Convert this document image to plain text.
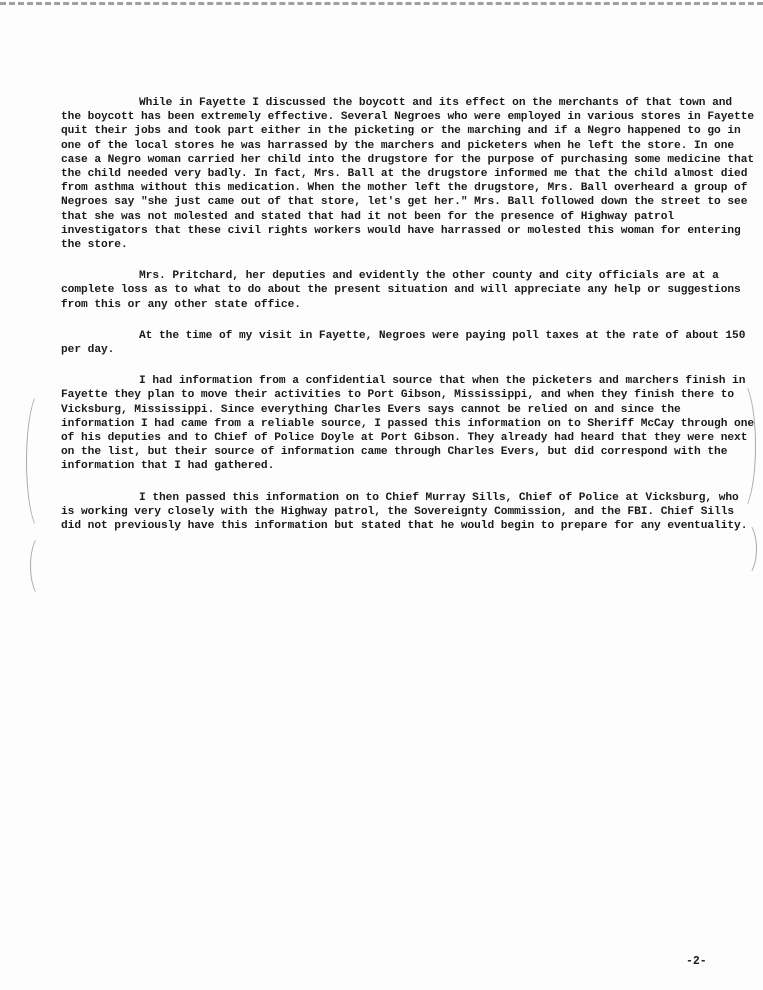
While in Fayette I discussed the boycott and its effect on the merchants of that town and the boycott has been extremely effective. Several Negroes who were employed in various stores in Fayette quit their jobs and took part either in the picketing or the marching and if a Negro happened to go in one of the local stores he was harrassed by the marchers and picketers when he left the store. In one case a Negro woman carried her child into the drugstore for the purpose of purchasing some medicine that the child needed very badly. In fact, Mrs. Ball at the drugstore informed me that the child almost died from asthma without this medication. When the mother left the drugstore, Mrs. Ball overheard a group of Negroes say "she just came out of that store, let's get her." Mrs. Ball followed down the street to see that she was not molested and stated that had it not been for the presence of Highway patrol investigators that these civil rights workers would have harrassed or molested this woman for entering the store.

Mrs. Pritchard, her deputies and evidently the other county and city officials are at a complete loss as to what to do about the present situation and will appreciate any help or suggestions from this or any other state office.

At the time of my visit in Fayette, Negroes were paying poll taxes at the rate of about 150 per day.

I had information from a confidential source that when the picketers and marchers finish in Fayette they plan to move their activities to Port Gibson, Mississippi, and when they finish there to Vicksburg, Mississippi. Since everything Charles Evers says cannot be relied on and since the information I had came from a reliable source, I passed this information on to Sheriff McCay through one of his deputies and to Chief of Police Doyle at Port Gibson. They already had heard that they were next on the list, but their source of information came through Charles Evers, but did correspond with the information that I had gathered.

I then passed this information on to Chief Murray Sills, Chief of Police at Vicksburg, who is working very closely with the Highway patrol, the Sovereignty Commission, and the FBI. Chief Sills did not previously have this information but stated that he would begin to prepare for any eventuality.

-2-
